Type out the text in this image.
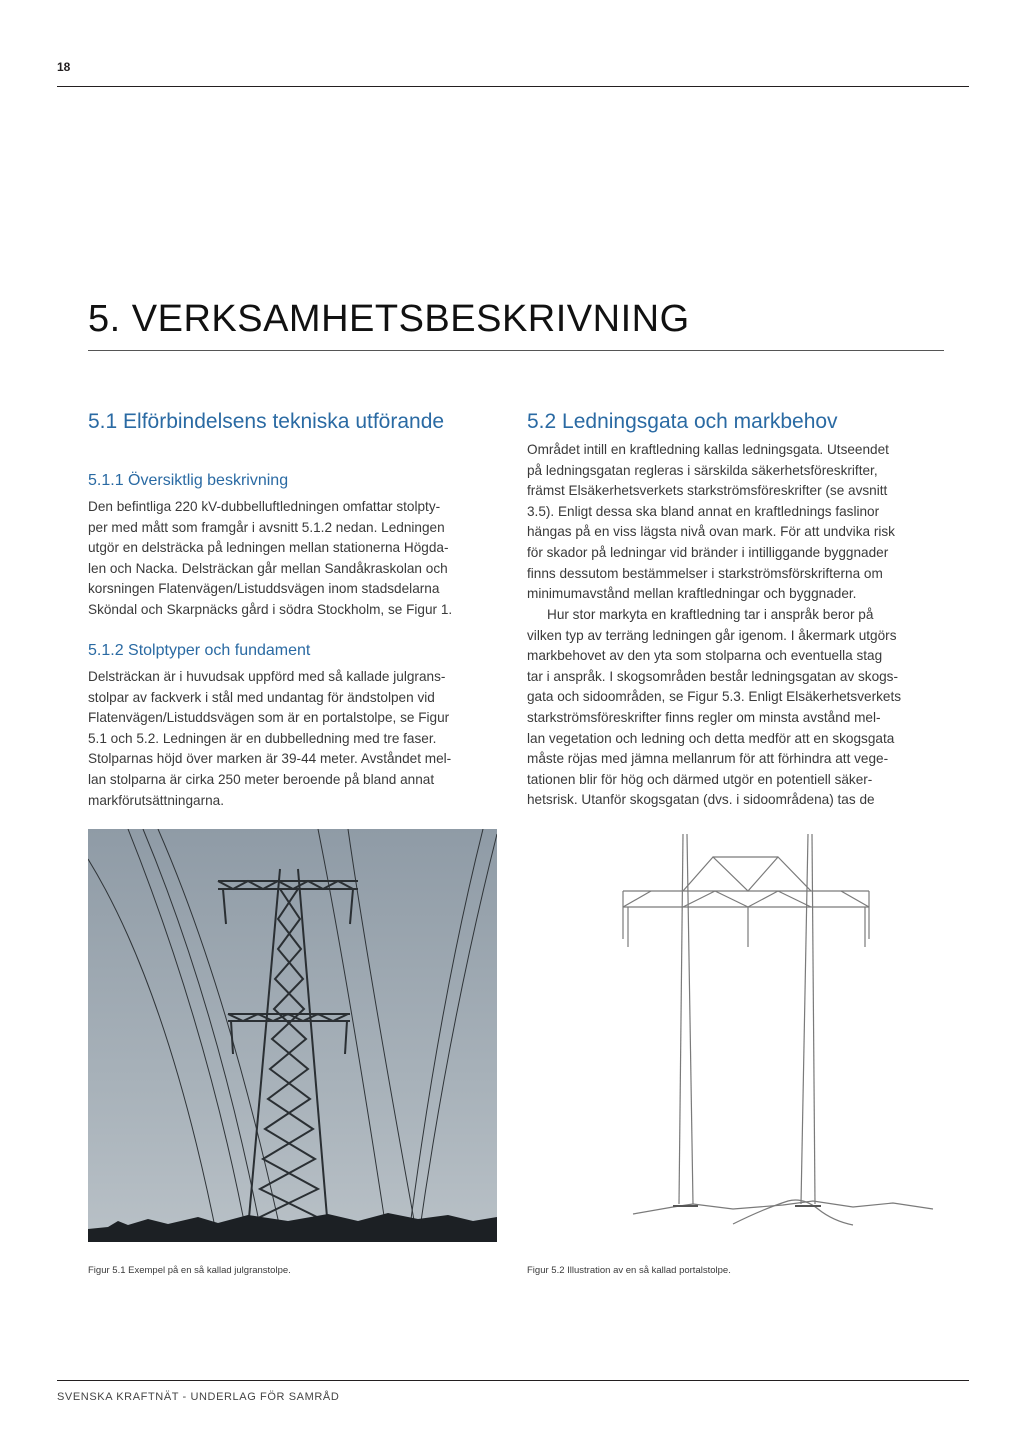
18
5. VERKSAMHETSBESKRIVNING
5.1 Elförbindelsens tekniska utförande
5.1.1 Översiktlig beskrivning
Den befintliga 220 kV-dubbelluftledningen omfattar stolpty-
per med mått som framgår i avsnitt 5.1.2 nedan. Ledningen
utgör en delsträcka på ledningen mellan stationerna Högda-
len och Nacka. Delsträckan går mellan Sandåkraskolan och
korsningen Flatenvägen/Listuddsvägen inom stadsdelarna
Sköndal och Skarpnäcks gård i södra Stockholm, se Figur 1.
5.1.2 Stolptyper och fundament
Delsträckan är i huvudsak uppförd med så kallade julgrans-
stolpar av fackverk i stål med undantag för ändstolpen vid
Flatenvägen/Listuddsvägen som är en portalstolpe, se Figur
5.1 och 5.2. Ledningen är en dubbelledning med tre faser.
Stolparnas höjd över marken är 39-44 meter. Avståndet mel-
lan stolparna är cirka 250 meter beroende på bland annat
markförutsättningarna.
5.2 Ledningsgata och markbehov
Området intill en kraftledning kallas ledningsgata. Utseendet
på ledningsgatan regleras i särskilda säkerhetsföreskrifter,
främst Elsäkerhetsverkets starkströmsföreskrifter (se avsnitt
3.5). Enligt dessa ska bland annat en kraftlednings faslinor
hängas på en viss lägsta nivå ovan mark. För att undvika risk
för skador på ledningar vid bränder i intilliggande byggnader
finns dessutom bestämmelser i starkströmsförskrifterna om
minimumavstånd mellan kraftledningar och byggnader.
Hur stor markyta en kraftledning tar i anspråk beror på
vilken typ av terräng ledningen går igenom. I åkermark utgörs
markbehovet av den yta som stolparna och eventuella stag
tar i anspråk. I skogsområden består ledningsgatan av skogs-
gata och sidoområden, se Figur 5.3. Enligt Elsäkerhetsverkets
starkströmsföreskrifter finns regler om minsta avstånd mel-
lan vegetation och ledning och detta medför att en skogsgata
måste röjas med jämna mellanrum för att förhindra att vege-
tationen blir för hög och därmed utgör en potentiell säker-
hetsrisk. Utanför skogsgatan (dvs. i sidoområdena) tas de
Figur 5.1 Exempel på en så kallad julgranstolpe.	Figur 5.2 Illustration av en så kallad portalstolpe.
SVENSKA KRAFTNÄT - UNDERLAG FÖR SAMRÅD
